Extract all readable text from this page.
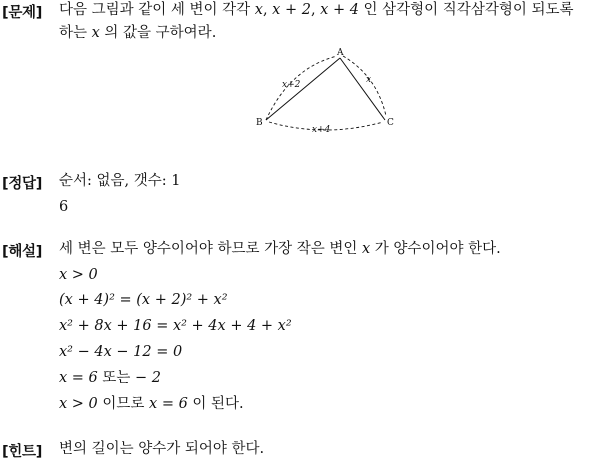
[문제] 다음 그림과 같이 세 변이 각각 x, x + 2, x + 4 인 삼각형이 직각삼각형이 되도록
하는 x 의 값을 구하여라.
A
B	C
x+2	x
x+4
[정답] 순서: 없음, 갯수: 1
6
[해설] 세 변은 모두 양수이어야 하므로 가장 작은 변인 x 가 양수이어야 한다.
x > 0
(x + 4)² = (x + 2)² + x²
x² + 8x + 16 = x² + 4x + 4 + x²
x² − 4x − 12 = 0
x = 6 또는 − 2
x > 0 이므로 x = 6 이 된다.
[힌트] 변의 길이는 양수가 되어야 한다.
